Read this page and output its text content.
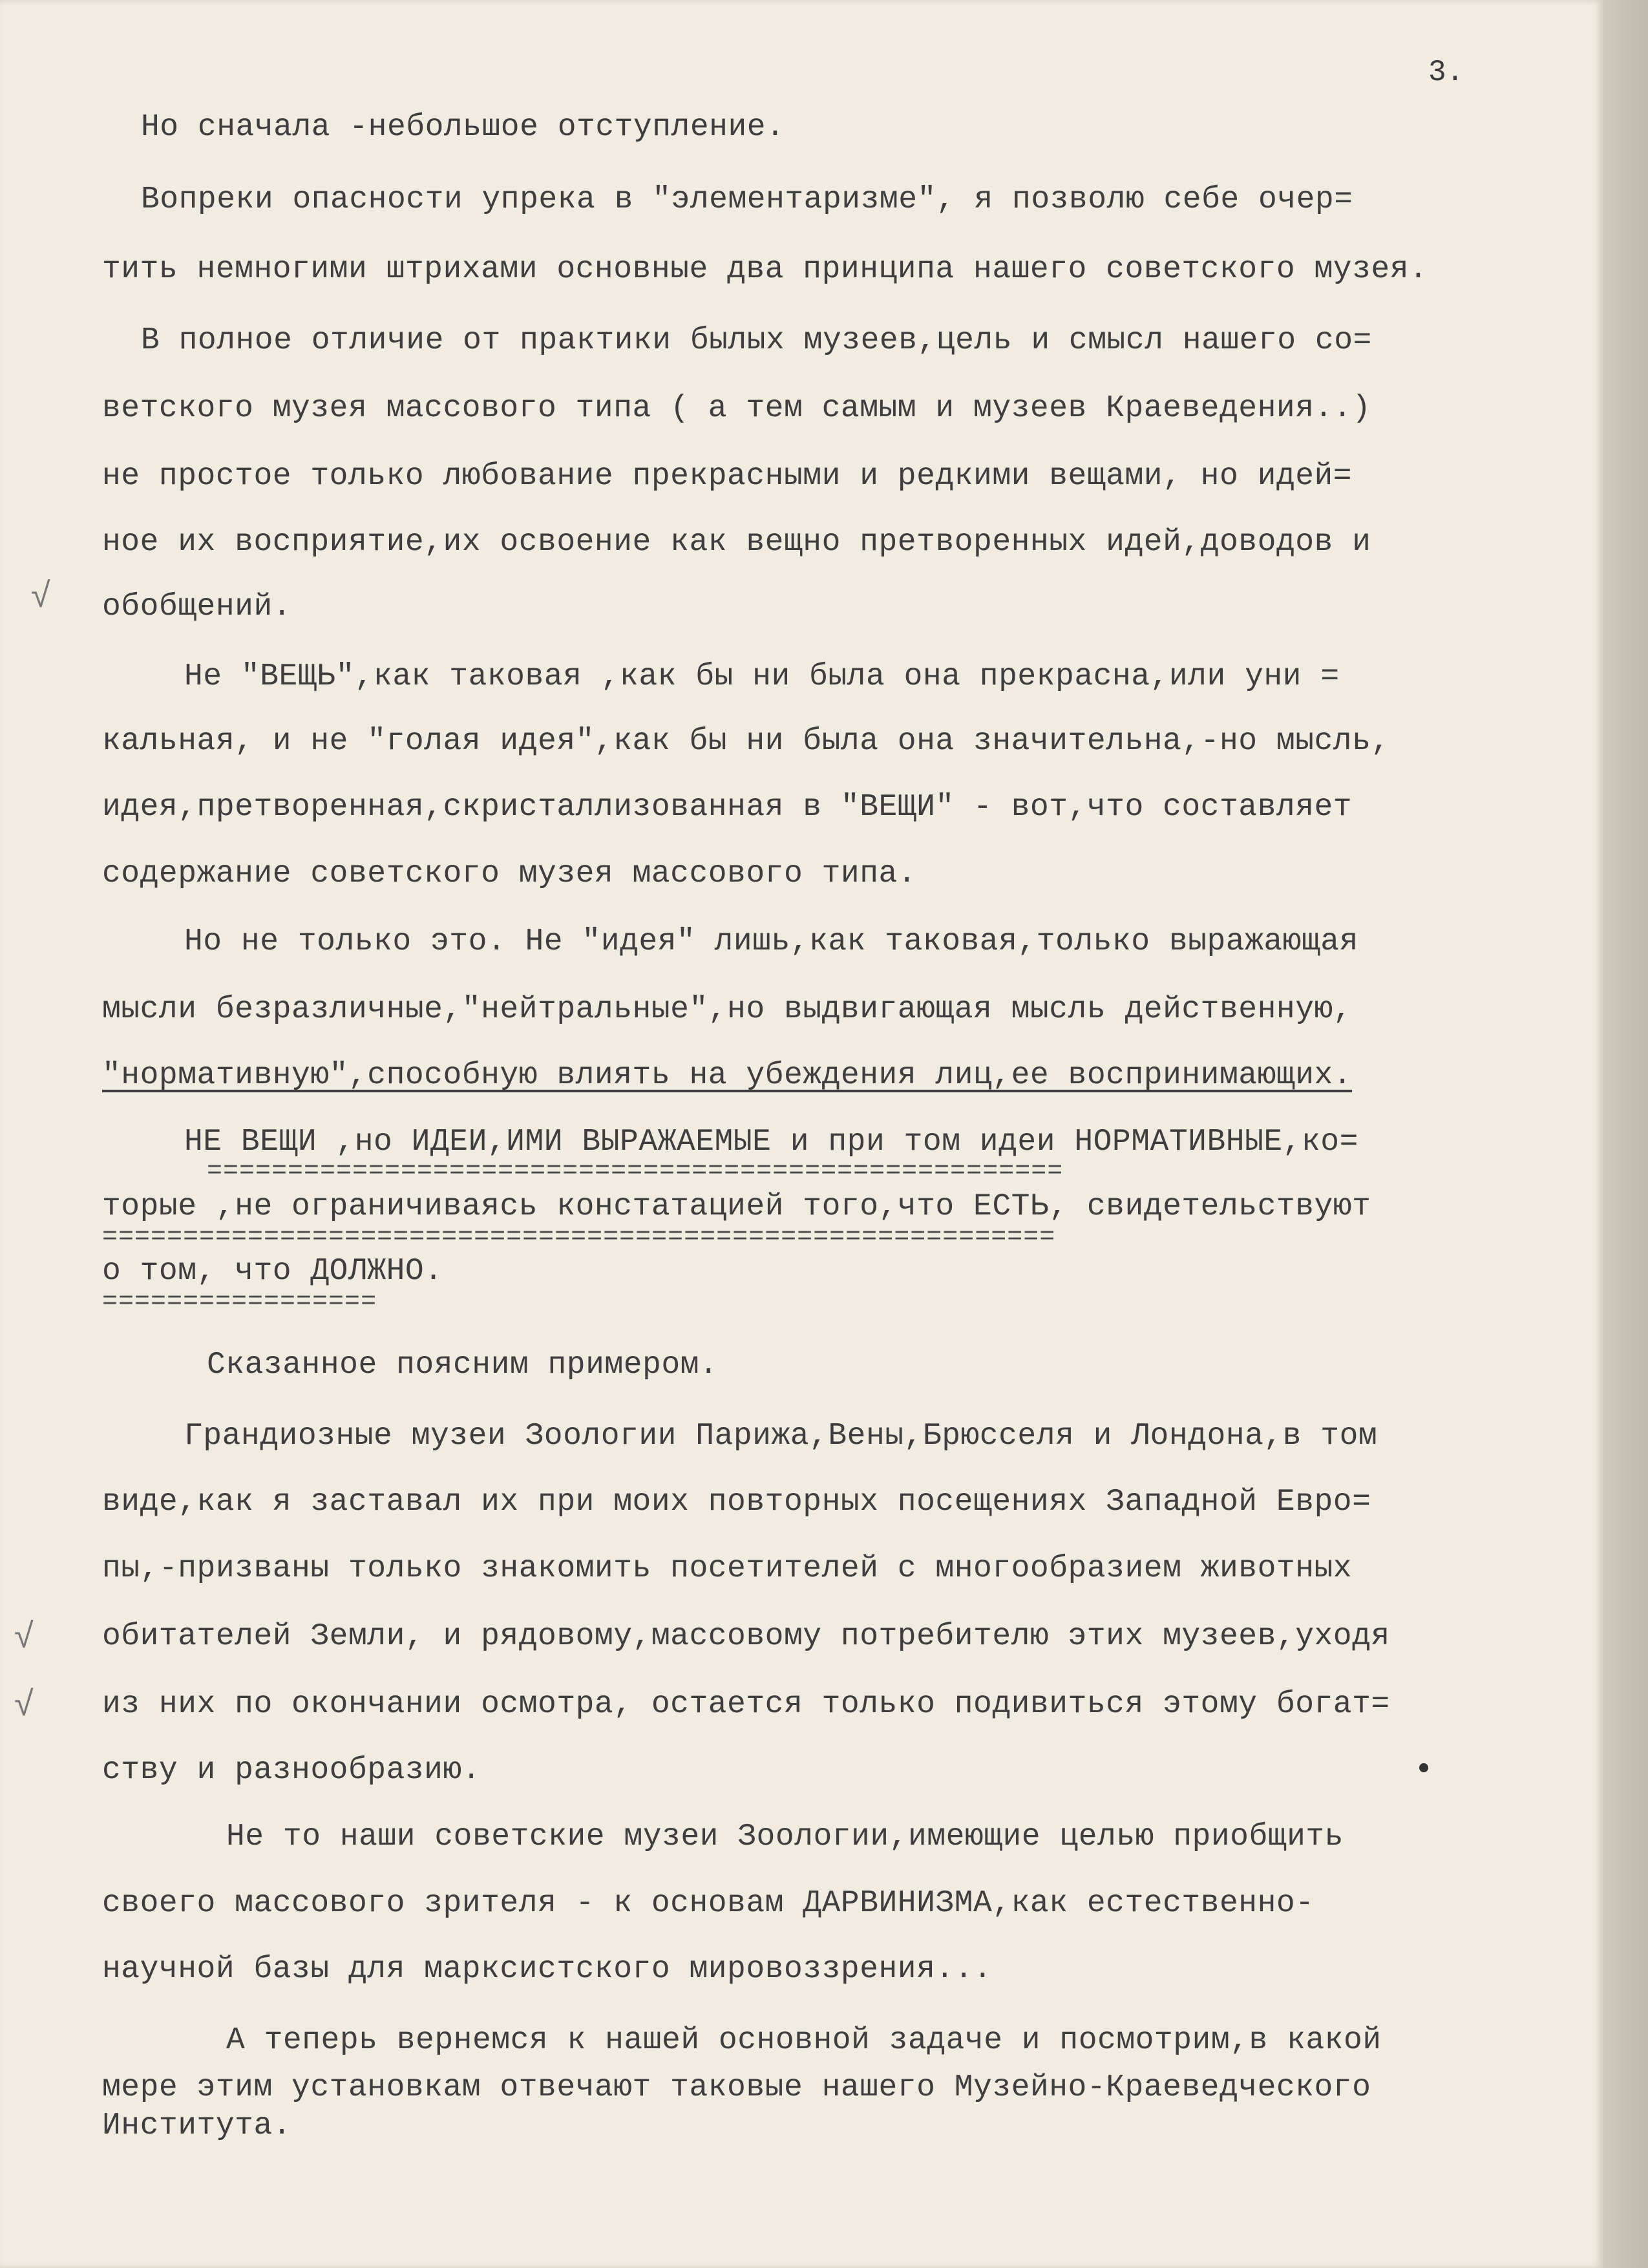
3.
Но сначала -небольшое отступление.
Вопреки опасности упрека в "элементаризме", я позволю себе очер=
тить немногими штрихами основные два принципа нашего советского музея.
В полное отличие от практики былых музеев,цель и смысл нашего со=
ветского музея массового типа ( а тем самым и музеев Краеведения..)
не простое только любование прекрасными и редкими вещами, но идей=
ное их восприятие,их освоение как вещно претворенных идей,доводов и
обобщений.
Не "ВЕЩЬ",как таковая ,как бы ни была она прекрасна,или уни =
кальная, и не "голая идея",как бы ни была она значительна,-но мысль,
идея,претворенная,скристаллизованная в "ВЕЩИ" - вот,что составляет
содержание советского музея массового типа.
Но не только это. Не "идея" лишь,как таковая,только выражающая
мысли безразличные,"нейтральные",но выдвигающая мысль действенную,
"нормативную",способную влиять на убеждения лиц,ее воспринимающих.
НЕ ВЕЩИ ,но ИДЕИ,ИМИ ВЫРАЖАЕМЫЕ и при том идеи НОРМАТИВНЫЕ,ко=
=====================================================
торые ,не ограничиваясь констатацией того,что ЕСТЬ, свидетельствуют
===========================================================
о том, что ДОЛЖНО.
=================
Сказанное поясним примером.
Грандиозные музеи Зоологии Парижа,Вены,Брюсселя и Лондона,в том
виде,как я заставал их при моих повторных посещениях Западной Евро=
пы,-призваны только знакомить посетителей с многообразием животных
обитателей Земли, и рядовому,массовому потребителю этих музеев,уходя
из них по окончании осмотра, остается только подивиться этому богат=
ству и разнообразию.
Не то наши советские музеи Зоологии,имеющие целью приобщить
своего массового зрителя - к основам ДАРВИНИЗМА,как естественно-
научной базы для марксистского мировоззрения...
А теперь вернемся к нашей основной задаче и посмотрим,в какой
мере этим установкам отвечают таковые нашего Музейно-Краеведческого
Института.
√
√
√
